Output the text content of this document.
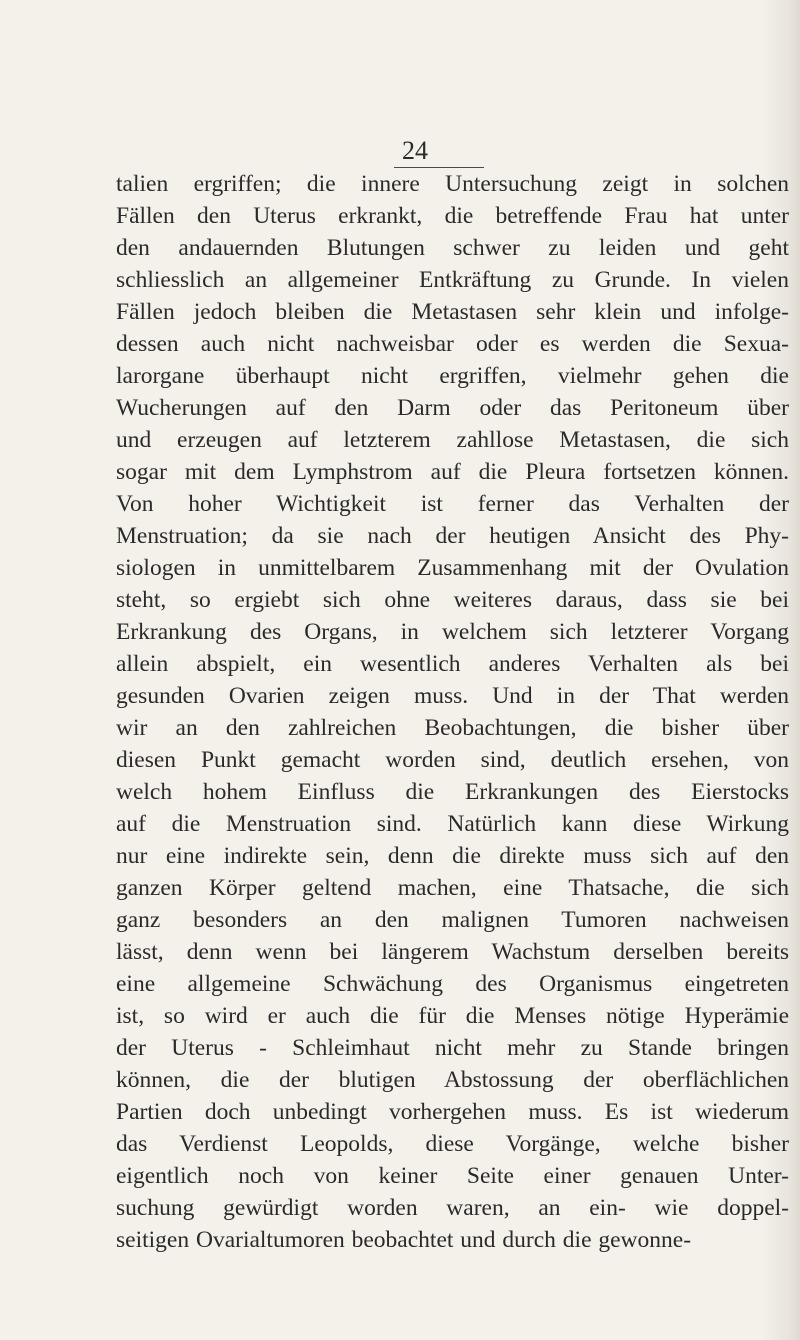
24
talien ergriffen; die innere Untersuchung zeigt in solchen
Fällen den Uterus erkrankt, die betreffende Frau hat unter
den andauernden Blutungen schwer zu leiden und geht
schliesslich an allgemeiner Entkräftung zu Grunde. In vielen
Fällen jedoch bleiben die Metastasen sehr klein und infolge-
dessen auch nicht nachweisbar oder es werden die Sexua-
larorgane überhaupt nicht ergriffen, vielmehr gehen die
Wucherungen auf den Darm oder das Peritoneum über
und erzeugen auf letzterem zahllose Metastasen, die sich
sogar mit dem Lymphstrom auf die Pleura fortsetzen können.
Von hoher Wichtigkeit ist ferner das Verhalten der
Menstruation; da sie nach der heutigen Ansicht des Phy-
siologen in unmittelbarem Zusammenhang mit der Ovulation
steht, so ergiebt sich ohne weiteres daraus, dass sie bei
Erkrankung des Organs, in welchem sich letzterer Vorgang
allein abspielt, ein wesentlich anderes Verhalten als bei
gesunden Ovarien zeigen muss. Und in der That werden
wir an den zahlreichen Beobachtungen, die bisher über
diesen Punkt gemacht worden sind, deutlich ersehen, von
welch hohem Einfluss die Erkrankungen des Eierstocks
auf die Menstruation sind. Natürlich kann diese Wirkung
nur eine indirekte sein, denn die direkte muss sich auf den
ganzen Körper geltend machen, eine Thatsache, die sich
ganz besonders an den malignen Tumoren nachweisen
lässt, denn wenn bei längerem Wachstum derselben bereits
eine allgemeine Schwächung des Organismus eingetreten
ist, so wird er auch die für die Menses nötige Hyperämie
der Uterus - Schleimhaut nicht mehr zu Stande bringen
können, die der blutigen Abstossung der oberflächlichen
Partien doch unbedingt vorhergehen muss. Es ist wiederum
das Verdienst Leopolds, diese Vorgänge, welche bisher
eigentlich noch von keiner Seite einer genauen Unter-
suchung gewürdigt worden waren, an ein- wie doppel-
seitigen Ovarialtumoren beobachtet und durch die gewonne-
